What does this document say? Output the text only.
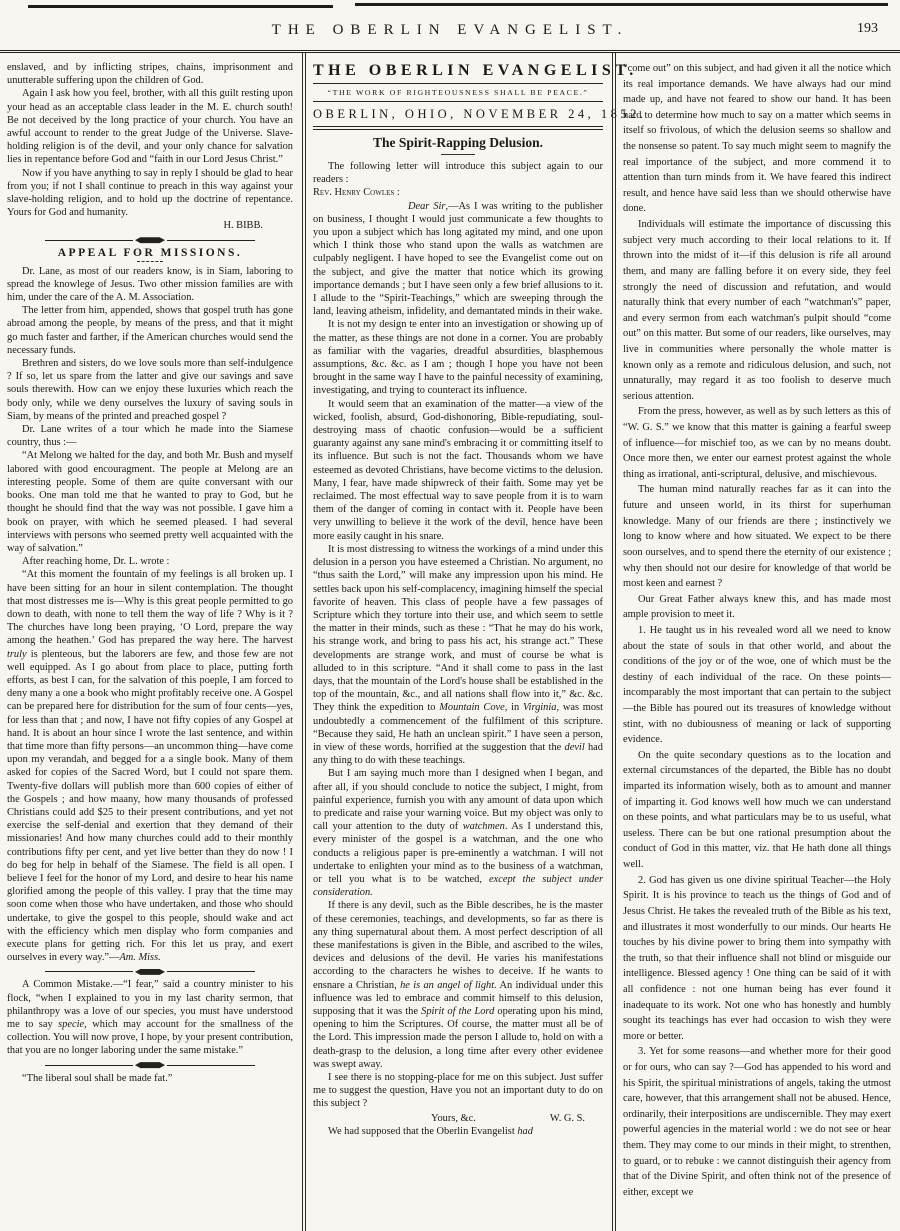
THE OBERLIN EVANGELIST.	193

enslaved, and by inflicting stripes, chains, imprisonment and unutterable suffering upon the children of God.

Again I ask how you feel, brother, with all this guilt resting upon your head as an acceptable class leader in the M. E. church south! Be not deceived by the long practice of your church. You have an awful account to render to the great Judge of the Universe. Slave-holding religion is of the devil, and your only chance for salvation lies in repentance before God and “faith in our Lord Jesus Christ.”

Now if you have anything to say in reply I should be glad to hear from you; if not I shall continue to preach in this way against your slave-holding religion, and to hold up the doctrine of repentance. Yours for God and humanity.

H. BIBB.

APPEAL FOR MISSIONS.

Dr. Lane, as most of our readers know, is in Siam, laboring to spread the knowlege of Jesus. Two other mission families are with him, under the care of the A. M. Association.

The letter from him, appended, shows that gospel truth has gone abroad among the people, by means of the press, and that it might go much faster and farther, if the American churches would send the necessary funds.

Brethren and sisters, do we love souls more than self-indulgence ? If so, let us spare from the latter and give our savings and save souls therewith. How can we enjoy these luxuries which reach the body only, while we deny ourselves the luxury of saving souls in Siam, by means of the printed and preached gospel ?

Dr. Lane writes of a tour which he made into the Siamese country, thus :—

“At Melong we halted for the day, and both Mr. Bush and myself labored with good encouragment. The people at Melong are an interesting people. Some of them are quite conversant with our books. One man told me that he wanted to pray to God, but he thought he should find that the way was not possible. I gave him a book on prayer, with which he seemed pleased. I had several interviews with persons who seemed pretty well acquainted with the way of salvation.”

After reaching home, Dr. L. wrote :

“At this moment the fountain of my feelings is all broken up. I have been sitting for an hour in silent contemplation. The thought that most distresses me is—Why is this great people permitted to go down to death, with none to tell them the way of life ? Why is it ? The churches have long been praying, ‘O Lord, prepare the way among the heathen.’ God has prepared the way here. The harvest truly is plenteous, but the laborers are few, and those few are not well equipped. As I go about from place to place, putting forth efforts, as best I can, for the salvation of this poeple, I am forced to deny many a one a book who might profitably receive one. A Gospel can be prepared here for distribution for the sum of four cents—yes, for less than that ; and now, I have not fifty copies of any Gospel at hand. It is about an hour since I wrote the last sentence, and within that time more than fifty persons—an uncommon thing—have come upon my verandah, and begged for a a single book. Many of them asked for copies of the Sacred Word, but I could not spare them. Twenty-five dollars will publish more than 600 copies of either of the Gospels ; and how maany, how many thousands of professed Christians could add $25 to their present contributions, and yet not exercise the self-denial and exertion that they demand of their missionaries! And how many churches could add to their monthly contributions fifty per cent, and yet live better than they do now ! I do beg for help in behalf of the Siamese. The field is all open. I believe I feel for the honor of my Lord, and desire to hear his name glorified among the people of this valley. I pray that the time may soon come when those who have undertaken, and those who should undertake, to give the gospel to this people, should wake and act with the efficiency which men display who form companies and execute plans for getting rich. For this let us pray, and exert ourselves in every way.”—Am. Miss.

A Common Mistake.—“I fear,” said a country minister to his flock, “when I explained to you in my last charity sermon, that philanthropy was a love of our species, you must have understood me to say specie, which may account for the smallness of the collection. You will now prove, I hope, by your present contribution, that you are no longer laboring under the same mistake.”

“The liberal soul shall be made fat.”

THE OBERLIN EVANGELIST.
“THE WORK OF RIGHTEOUSNESS SHALL BE PEACE.”
OBERLIN, OHIO, NOVEMBER 24, 1852.
The Spirit-Rapping Delusion.

The following letter will introduce this subject again to our readers :

Rev. Henry Cowles :

Dear Sir,—As I was writing to the publisher on business, I thought I would just communicate a few thoughts to you upon a subject which has long agitated my mind, and one upon which I think those who stand upon the walls as watchmen are culpably negligent. I have hoped to see the Evangelist come out on the subject, and give the matter that notice which its growing importance demands ; but I have seen only a few brief allusions to it. I allude to the “Spirit-Teachings,” which are sweeping through the land, leaving atheism, infidelity, and demantated minds in their wake.

It is not my design te enter into an investigation or showing up of the matter, as these things are not done in a corner. You are probably as familiar with the vagaries, dreadful absurdities, blasphemous assumptions, &c. &c. as I am ; though I hope you have not been brought in the same way I have to the painful necessity of examining, investigating, and trying to counteract its influence.

It would seem that an examination of the matter—a view of the wicked, foolish, absurd, God-dishonoring, Bible-repudiating, soul-destroying mass of chaotic confusion—would be a sufficient guaranty against any sane mind's embracing it or committing itself to its influence. But such is not the fact. Thousands whom we have esteemed as devoted Christians, have become victims to the delusion. Many, I fear, have made shipwreck of their faith. Some may yet be reclaimed. The most effectual way to save people from it is to warn them of the danger of coming in contact with it. People have been very unwilling to believe it the work of the devil, hence have been more easily caught in his snare.

It is most distressing to witness the workings of a mind under this delusion in a person you have esteemed a Christian. No argument, no “thus saith the Lord,” will make any impression upon his mind. He settles back upon his self-complacency, imagining himself the special favorite of heaven. This class of people have a few passages of Scripture which they torture into their use, and which seem to settle the matter in their minds, such as these : “That he may do his work, his strange work, and bring to pass his act, his strange act.” These developments are strange work, and must of course be what is alluded to in this scripture. “And it shall come to pass in the last days, that the mountain of the Lord's house shall be established in the top of the mountain, &c., and all nations shall flow into it,” &c. &c. They think the expedition to Mountain Cove, in Virginia, was most undoubtedly a commencement of the fulfilment of this scripture. “Because they said, He hath an unclean spirit.” I have seen a person, in view of these words, horrified at the suggestion that the devil had any thing to do with these teachings.

But I am saying much more than I designed when I began, and after all, if you should conclude to notice the subject, I might, from painful experience, furnish you with any amount of data upon which to predicate and raise your warning voice. But my object was only to call your attention to the duty of watchmen. As I understand this, every minister of the gospel is a watchman, and the one who conducts a religious paper is pre-eminently a watchman. I will not undertake to enlighten your mind as to the business of a watchman, or tell you what is to be watched, except the subject under consideration.

If there is any devil, such as the Bible describes, he is the master of these ceremonies, teachings, and developments, so far as there is any thing supernatural about them. A most perfect description of all these manifestations is given in the Bible, and ascribed to the wiles, devices and delusions of the devil. He varies his manifestations according to the characters he wishes to deceive. If he wants to ensnare a Christian, he is an angel of light. An individual under this influence was led to embrace and commit himself to this delusion, supposing that it was the Spirit of the Lord operating upon his mind, opening to him the Scriptures. Of course, the matter must all be of the Lord. This impression made the person I allude to, hold on with a death-grasp to the delusion, a long time after every other evidenee was swept away.

I see there is no stopping-place for me on this subject. Just suffer me to suggest the question, Have you not an important duty to do on this subject ?

Yours, &c.	W. G. S.

We had supposed that the Oberlin Evangelist had

“come out” on this subject, and had given it all the notice which its real importance demands. We have always had our mind made up, and have not feared to show our hand. It has been hard to determine how much to say on a matter which seems in itself so frivolous, of which the delusion seems so shallow and the nonsense so patent. To say much might seem to magnify the real importance of the subject, and more commend it to attention than turn minds from it. We have feared this indirect result, and hence have said less than we should otherwise have done.

Individuals will estimate the importance of discussing this subject very much according to their local relations to it. If thrown into the midst of it—if this delusion is rife all around them, and many are falling before it on every side, they feel strongly the need of discussion and refutation, and would naturally think that every number of each “watchman's” paper, and every sermon from each watchman's pulpit should “come out” on this matter. But some of our readers, like ourselves, may live in communities where personally the whole matter is known only as a remote and ridiculous delusion, and such, not unnaturally, may regard it as too foolish to deserve much serious attention.

From the press, however, as well as by such letters as this of “W. G. S.” we know that this matter is gaining a fearful sweep of influence—for mischief too, as we can by no means doubt. Once more then, we enter our earnest protest against the whole thing as irrational, anti-scriptural, delusive, and mischievous.

The human mind naturally reaches far as it can into the future and unseen world, in its thirst for superhuman knowledge. Many of our friends are there ; instinctively we long to know where and how situated. We expect to be there soon ourselves, and to spend there the eternity of our existence ; why then should not our desire for knowledge of that world be most keen and earnest ?

Our Great Father always knew this, and has made most ample provision to meet it.

1. He taught us in his revealed word all we need to know about the state of souls in that other world, and about the conditions of the joy or of the woe, one of which must be the destiny of each individual of the race. On these points—incomparably the most important that can pertain to the subject—the Bible has poured out its treasures of knowledge without stint, with no dubiousness of meaning or lack of supporting evidence.

On the quite secondary questions as to the location and external circumstances of the departed, the Bible has no doubt imparted its information wisely, both as to amount and manner of imparting it. God knows well how much we can understand on these points, and what particulars may be to us useful, what useless. There can be but one rational presumption about the conduct of God in this matter, viz. that He hath done all things well.

2. God has given us one divine spiritual Teacher—the Holy Spirit. It is his province to teach us the things of God and of Jesus Christ. He takes the revealed truth of the Bible as his text, and illustrates it most wonderfully to our minds. Our hearts He touches by his divine power to bring them into sympathy with the truth, so that their influence shall not blind or misguide our intelligence. Blessed agency ! One thing can be said of it with all confidence : not one human being has ever found it inadequate to its work. Not one who has honestly and humbly sought its teachings has ever had occasion to wish they were more or better.

3. Yet for some reasons—and whether more for their good or for ours, who can say ?—God has appended to his word and his Spirit, the spiritual ministrations of angels, taking the utmost care, however, that this arrangement shall not be abused. Hence, ordinarily, their interpositions are undiscernible. They may exert powerful agencies in the material world : we do not see or hear them. They may come to our minds in their might, to strenthen, to guard, or to rebuke : we cannot distinguish their agency from that of the Divine Spirit, and often think not of the presence of either, except we
